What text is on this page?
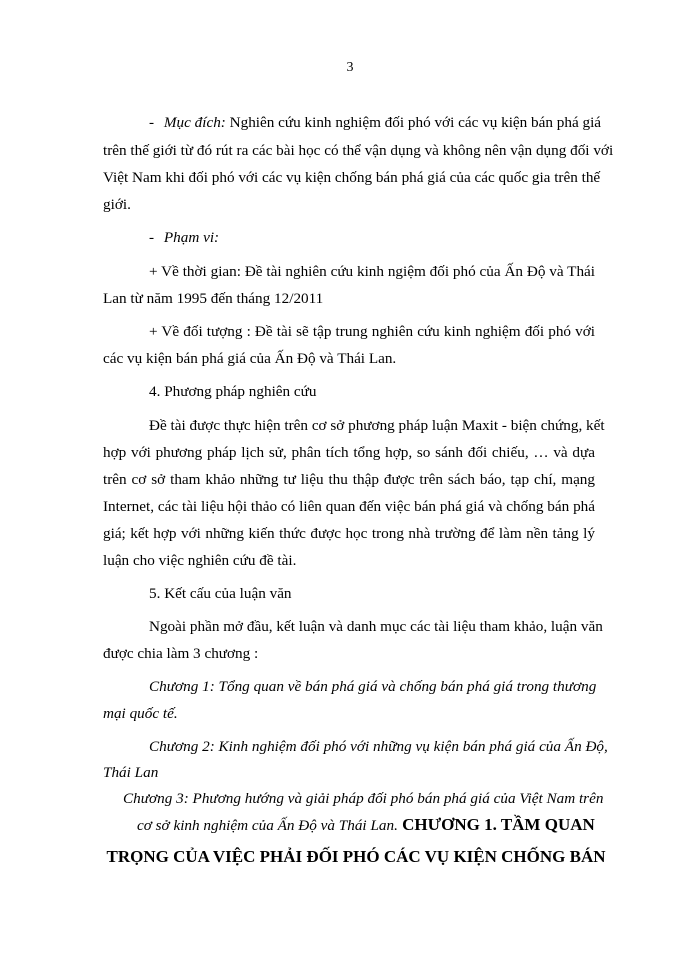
3
- Mục đích: Nghiên cứu kinh nghiệm đối phó với các vụ kiện bán phá giá
trên thế giới từ đó rút ra các bài học có thể vận dụng và không nên vận dụng đối với
Việt Nam khi đối phó với các vụ kiện chống bán phá giá của các quốc gia trên thế
giới.
- Phạm vi:
+ Về thời gian: Đề tài nghiên cứu kinh ngiệm đối phó của Ấn Độ và Thái
Lan từ năm 1995 đến tháng 12/2011
+ Về đối tượng : Đề tài sẽ tập trung nghiên cứu kinh nghiệm đối phó với
các vụ kiện bán phá giá của Ấn Độ và Thái Lan.
4. Phương pháp nghiên cứu
Đề tài được thực hiện trên cơ sở phương pháp luận Maxit - biện chứng, kết
hợp với phương pháp lịch sử, phân tích tổng hợp, so sánh đối chiếu, … và dựa
trên cơ sở tham khảo những tư liệu thu thập được trên sách báo, tạp chí, mạng
Internet, các tài liệu hội thảo có liên quan đến việc bán phá giá và chống bán phá
giá; kết hợp với những kiến thức được học trong nhà trường để làm nền tảng lý
luận cho việc nghiên cứu đề tài.
5. Kết cấu của luận văn
Ngoài phần mở đầu, kết luận và danh mục các tài liệu tham khảo, luận văn
được chia làm 3 chương :
Chương 1: Tổng quan về bán phá giá và chống bán phá giá trong thương
mại quốc tế.
Chương 2: Kinh nghiệm đối phó với những vụ kiện bán phá giá của Ấn Độ,
Thái Lan
Chương 3: Phương hướng và giải pháp đối phó bán phá giá của Việt Nam trên
cơ sở kinh nghiệm của Ấn Độ và Thái Lan. CHƯƠNG 1. TẦM QUAN
TRỌNG CỦA VIỆC PHẢI ĐỐI PHÓ CÁC VỤ KIỆN CHỐNG BÁN
